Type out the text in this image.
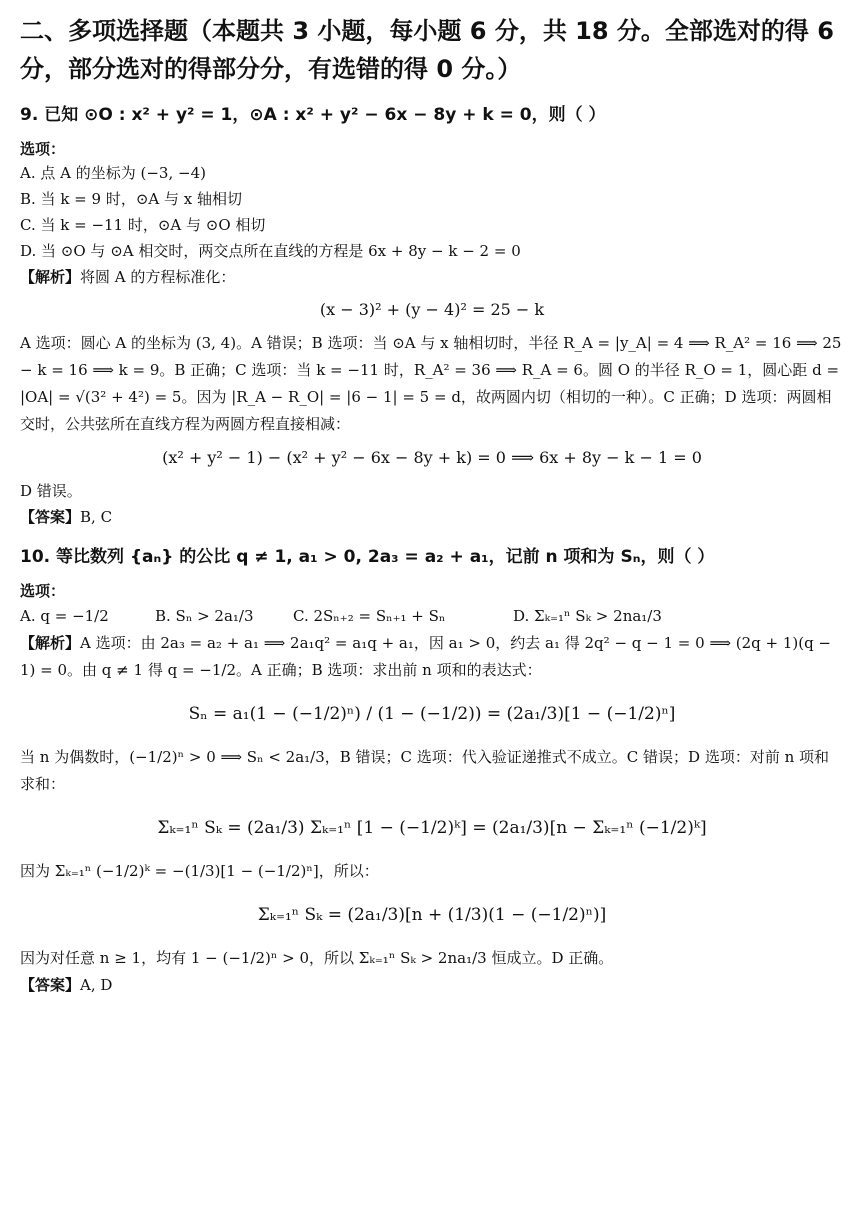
二、多项选择题（本题共 3 小题，每小题 6 分，共 18 分。全部选对的得 6 分，部分选对的得部分分，有选错的得 0 分。）
9. 已知 ⊙O : x² + y² = 1，⊙A : x² + y² − 6x − 8y + k = 0，则（ ）
选项：
A. 点 A 的坐标为 (−3, −4)
B. 当 k = 9 时，⊙A 与 x 轴相切
C. 当 k = −11 时，⊙A 与 ⊙O 相切
D. 当 ⊙O 与 ⊙A 相交时，两交点所在直线的方程是 6x + 8y − k − 2 = 0
【解析】将圆 A 的方程标准化：
(x − 3)² + (y − 4)² = 25 − k
A 选项：圆心 A 的坐标为 (3, 4)。A 错误；B 选项：当 ⊙A 与 x 轴相切时，半径 R_A = |y_A| = 4 ⟹ R_A² = 16 ⟹ 25 − k = 16 ⟹ k = 9。B 正确；C 选项：当 k = −11 时，R_A² = 36 ⟹ R_A = 6。圆 O 的半径 R_O = 1，圆心距 d = |OA| = √(3² + 4²) = 5。因为 |R_A − R_O| = |6 − 1| = 5 = d，故两圆内切（相切的一种）。C 正确；D 选项：两圆相交时，公共弦所在直线方程为两圆方程直接相减：
(x² + y² − 1) − (x² + y² − 6x − 8y + k) = 0 ⟹ 6x + 8y − k − 1 = 0
D 错误。
【答案】B, C
10. 等比数列 {aₙ} 的公比 q ≠ 1, a₁ > 0, 2a₃ = a₂ + a₁，记前 n 项和为 Sₙ，则（ ）
选项：
A. q = −1/2	B. Sₙ > 2a₁/3	C. 2Sₙ₊₂ = Sₙ₊₁ + Sₙ	D. Σₖ₌₁ⁿ Sₖ > 2na₁/3
【解析】A 选项：由 2a₃ = a₂ + a₁ ⟹ 2a₁q² = a₁q + a₁，因 a₁ > 0，约去 a₁ 得 2q² − q − 1 = 0 ⟹ (2q + 1)(q − 1) = 0。由 q ≠ 1 得 q = −1/2。A 正确；B 选项：求出前 n 项和的表达式：
Sₙ = a₁(1 − (−1/2)ⁿ) / (1 − (−1/2)) = (2a₁/3)[1 − (−1/2)ⁿ]
当 n 为偶数时，(−1/2)ⁿ > 0 ⟹ Sₙ < 2a₁/3，B 错误；C 选项：代入验证递推式不成立。C 错误；D 选项：对前 n 项和求和：
Σₖ₌₁ⁿ Sₖ = (2a₁/3) Σₖ₌₁ⁿ [1 − (−1/2)ᵏ] = (2a₁/3)[n − Σₖ₌₁ⁿ (−1/2)ᵏ]
因为 Σₖ₌₁ⁿ (−1/2)ᵏ = −(1/3)[1 − (−1/2)ⁿ]，所以：
Σₖ₌₁ⁿ Sₖ = (2a₁/3)[n + (1/3)(1 − (−1/2)ⁿ)]
因为对任意 n ≥ 1，均有 1 − (−1/2)ⁿ > 0，所以 Σₖ₌₁ⁿ Sₖ > 2na₁/3 恒成立。D 正确。
【答案】A, D
